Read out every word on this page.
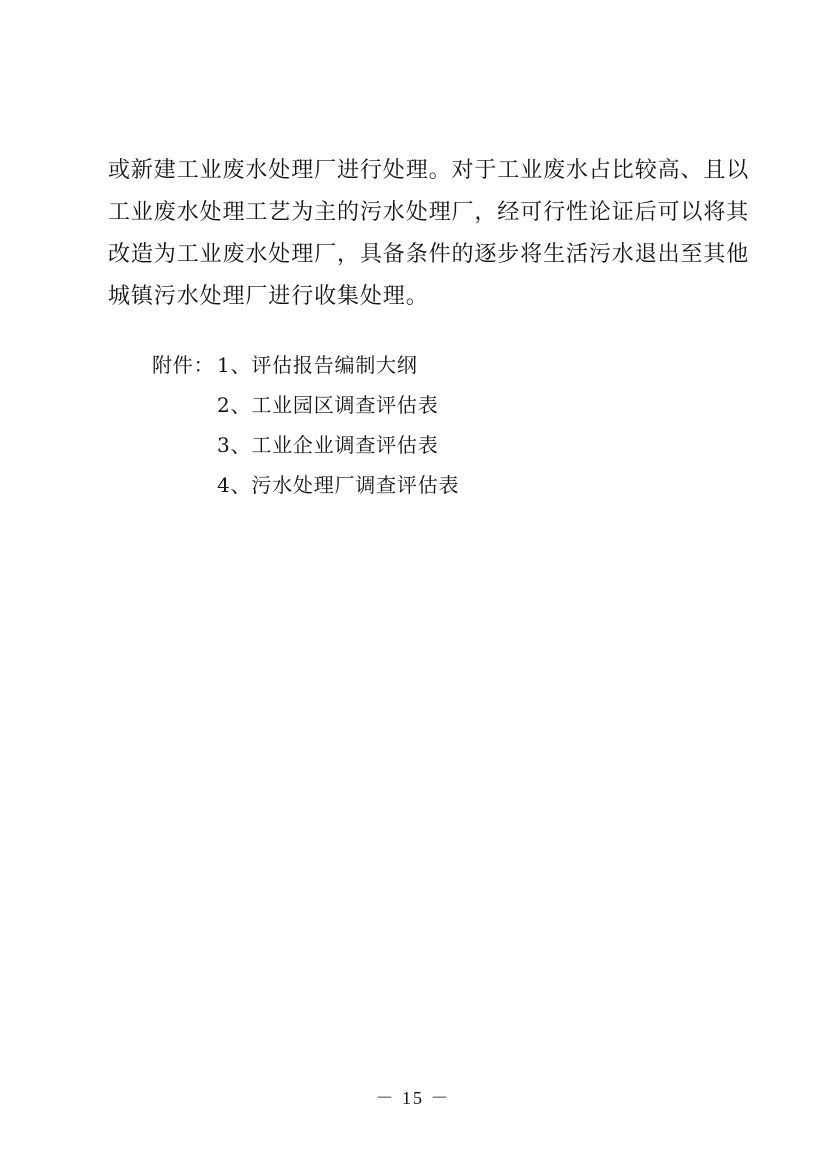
或新建工业废水处理厂进行处理。对于工业废水占比较高、且以
工业废水处理工艺为主的污水处理厂，经可行性论证后可以将其
改造为工业废水处理厂，具备条件的逐步将生活污水退出至其他
城镇污水处理厂进行收集处理。
附件： 1、评估报告编制大纲
2、工业园区调查评估表
3、工业企业调查评估表
4、污水处理厂调查评估表
－ 15 －
